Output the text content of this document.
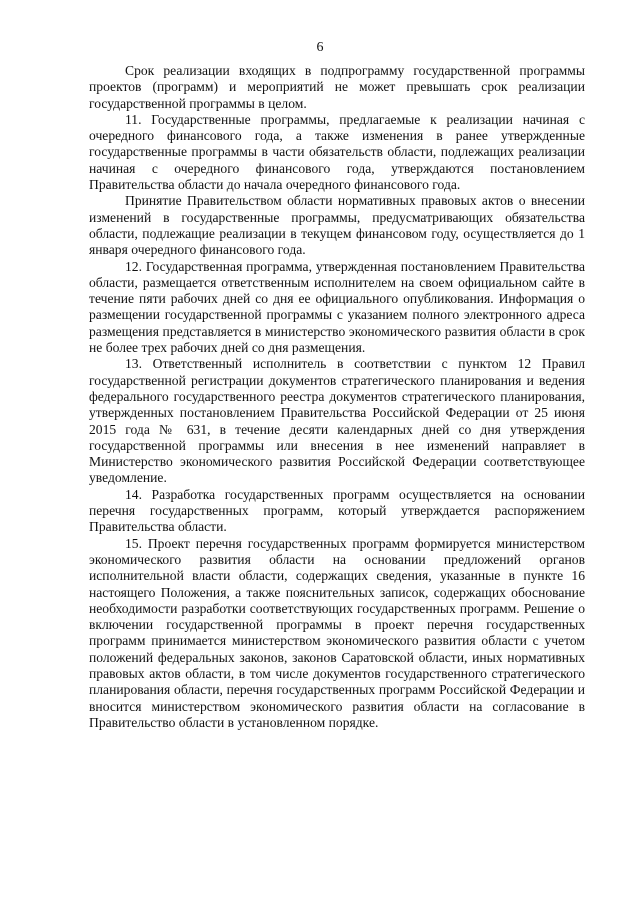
6

Срок реализации входящих в подпрограмму государственной программы проектов (программ) и мероприятий не может превышать срок реализации государственной программы в целом.

11. Государственные программы, предлагаемые к реализации начиная с очередного финансового года, а также изменения в ранее утвержденные государственные программы в части обязательств области, подлежащих реализации начиная с очередного финансового года, утверждаются постановлением Правительства области до начала очередного финансового года.

Принятие Правительством области нормативных правовых актов о внесении изменений в государственные программы, предусматривающих обязательства области, подлежащие реализации в текущем финансовом году, осуществляется до 1 января очередного финансового года.

12. Государственная программа, утвержденная постановлением Правительства области, размещается ответственным исполнителем на своем официальном сайте в течение пяти рабочих дней со дня ее официального опубликования. Информация о размещении государственной программы с указанием полного электронного адреса размещения представляется в министерство экономического развития области в срок не более трех рабочих дней со дня размещения.

13. Ответственный исполнитель в соответствии с пунктом 12 Правил государственной регистрации документов стратегического планирования и ведения федерального государственного реестра документов стратегического планирования, утвержденных постановлением Правительства Российской Федерации от 25 июня 2015 года № 631, в течение десяти календарных дней со дня утверждения государственной программы или внесения в нее изменений направляет в Министерство экономического развития Российской Федерации соответствующее уведомление.

14. Разработка государственных программ осуществляется на основании перечня государственных программ, который утверждается распоряжением Правительства области.

15. Проект перечня государственных программ формируется министерством экономического развития области на основании предложений органов исполнительной власти области, содержащих сведения, указанные в пункте 16 настоящего Положения, а также пояснительных записок, содержащих обоснование необходимости разработки соответствующих государственных программ. Решение о включении государственной программы в проект перечня государственных программ принимается министерством экономического развития области с учетом положений федеральных законов, законов Саратовской области, иных нормативных правовых актов области, в том числе документов государственного стратегического планирования области, перечня государственных программ Российской Федерации и вносится министерством экономического развития области на согласование в Правительство области в установленном порядке.
